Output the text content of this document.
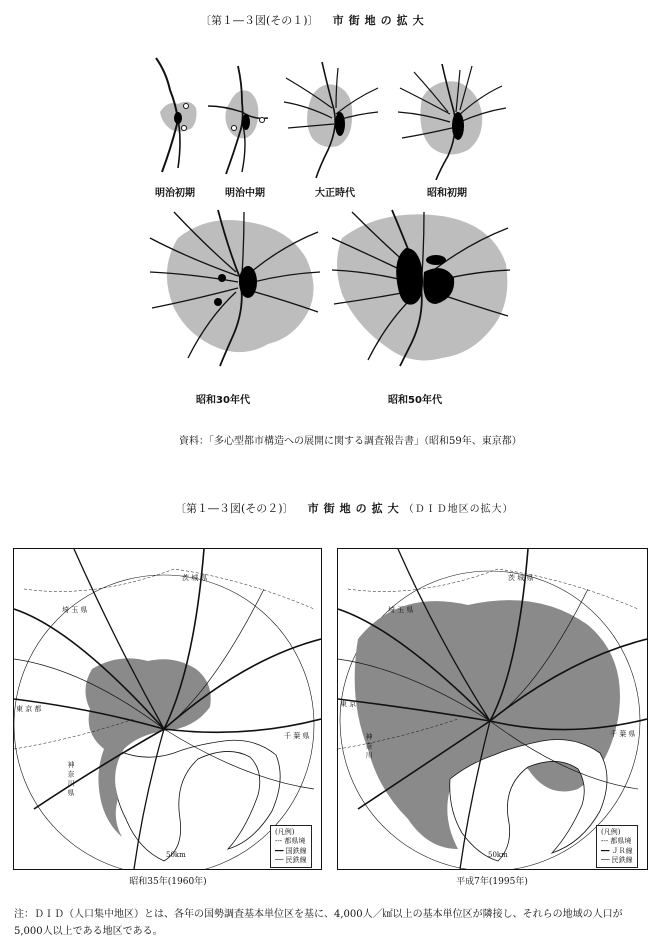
〔第１―３図(その１)〕 市街地の拡大
明治初期	明治中期	大正時代	昭和初期
昭和30年代	昭和50年代
資料：「多心型都市構造への展開に関する調査報告書」（昭和59年、東京都）
〔第１―３図(その２)〕 市街地の拡大（ＤＩＤ地区の拡大）
茨 城 県
埼 玉 県
東 京 都
千 葉 県
神 奈 川 県
50km
(凡例)
‐‐‐ 都県境
━━ 国鉄線
── 民鉄線
昭和35年(1960年)
茨 城 県
埼 玉 県
東 京
千 葉 県
神 奈 川
50km
(凡例)
‐‐‐ 都県境
━━ ＪＲ線
── 民鉄線
平成7年(1995年)
注：ＤＩＤ（人口集中地区）とは、各年の国勢調査基本単位区を基に、4,000人／㎢以上の基本単位区が隣接し、それらの地域の人口が5,000人以上である地区である。
